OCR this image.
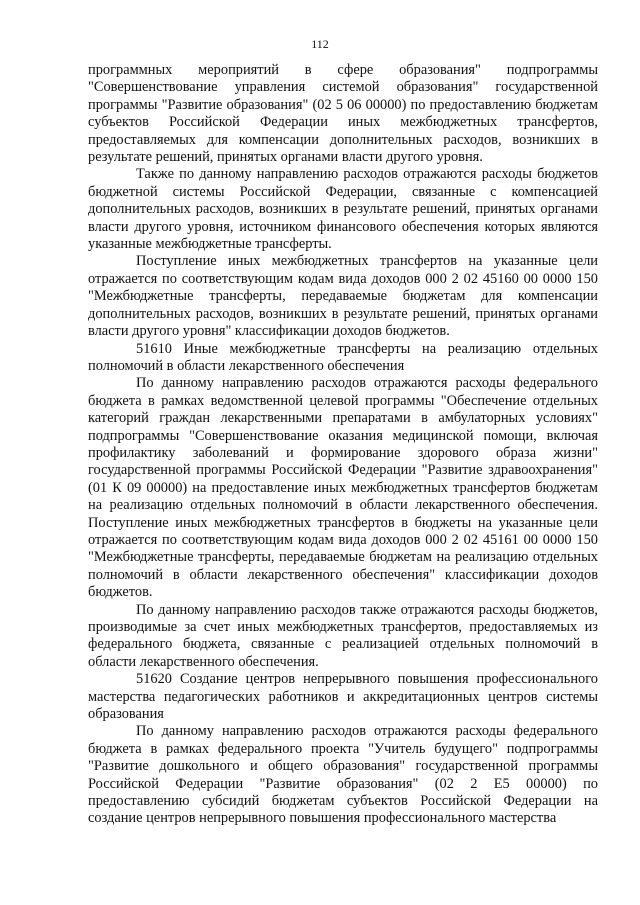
112

программных мероприятий в сфере образования" подпрограммы "Совершенствование управления системой образования" государственной программы "Развитие образования" (02 5 06 00000) по предоставлению бюджетам субъектов Российской Федерации иных межбюджетных трансфертов, предоставляемых для компенсации дополнительных расходов, возникших в результате решений, принятых органами власти другого уровня.

Также по данному направлению расходов отражаются расходы бюджетов бюджетной системы Российской Федерации, связанные с компенсацией дополнительных расходов, возникших в результате решений, принятых органами власти другого уровня, источником финансового обеспечения которых являются указанные межбюджетные трансферты.

Поступление иных межбюджетных трансфертов на указанные цели отражается по соответствующим кодам вида доходов 000 2 02 45160 00 0000 150 "Межбюджетные трансферты, передаваемые бюджетам для компенсации дополнительных расходов, возникших в результате решений, принятых органами власти другого уровня" классификации доходов бюджетов.

51610 Иные межбюджетные трансферты на реализацию отдельных полномочий в области лекарственного обеспечения

По данному направлению расходов отражаются расходы федерального бюджета в рамках ведомственной целевой программы "Обеспечение отдельных категорий граждан лекарственными препаратами в амбулаторных условиях" подпрограммы "Совершенствование оказания медицинской помощи, включая профилактику заболеваний и формирование здорового образа жизни" государственной программы Российской Федерации "Развитие здравоохранения" (01 К 09 00000) на предоставление иных межбюджетных трансфертов бюджетам на реализацию отдельных полномочий в области лекарственного обеспечения. Поступление иных межбюджетных трансфертов в бюджеты на указанные цели отражается по соответствующим кодам вида доходов 000 2 02 45161 00 0000 150 "Межбюджетные трансферты, передаваемые бюджетам на реализацию отдельных полномочий в области лекарственного обеспечения" классификации доходов бюджетов.

По данному направлению расходов также отражаются расходы бюджетов, производимые за счет иных межбюджетных трансфертов, предоставляемых из федерального бюджета, связанные с реализацией отдельных полномочий в области лекарственного обеспечения.

51620 Создание центров непрерывного повышения профессионального мастерства педагогических работников и аккредитационных центров системы образования

По данному направлению расходов отражаются расходы федерального бюджета в рамках федерального проекта "Учитель будущего" подпрограммы "Развитие дошкольного и общего образования" государственной программы Российской Федерации "Развитие образования" (02 2 Е5 00000) по предоставлению субсидий бюджетам субъектов Российской Федерации на создание центров непрерывного повышения профессионального мастерства
